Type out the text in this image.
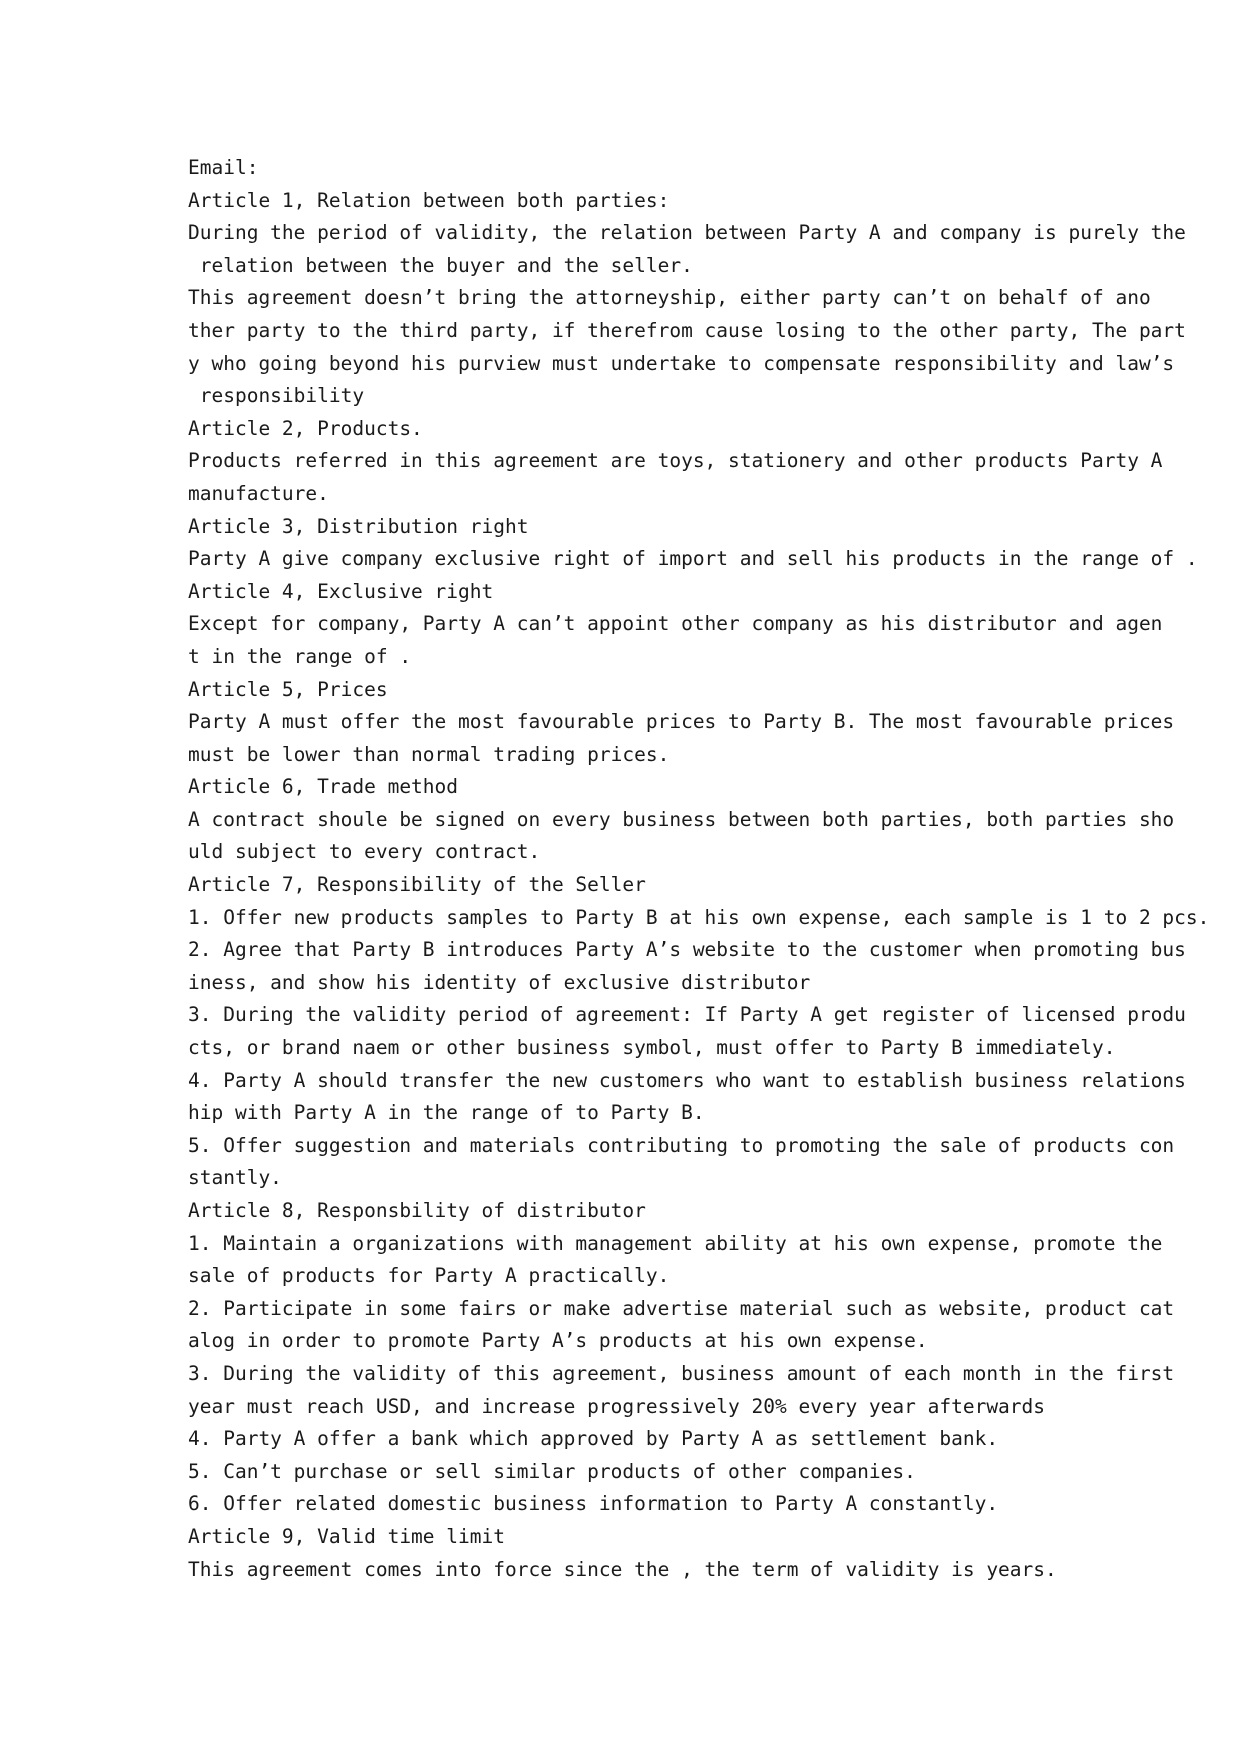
Email:
Article 1, Relation between both parties:
During the period of validity, the relation between Party A and company is purely the
relation between the buyer and the seller.
This agreement doesn’t bring the attorneyship, either party can’t on behalf of ano
ther party to the third party, if therefrom cause losing to the other party, The part
y who going beyond his purview must undertake to compensate responsibility and law’s
responsibility
Article 2, Products.
Products referred in this agreement are toys, stationery and other products Party A
manufacture.
Article 3, Distribution right
Party A give company exclusive right of import and sell his products in the range of .
Article 4, Exclusive right
Except for company, Party A can’t appoint other company as his distributor and agen
t in the range of .
Article 5, Prices
Party A must offer the most favourable prices to Party B. The most favourable prices
must be lower than normal trading prices.
Article 6, Trade method
A contract shoule be signed on every business between both parties, both parties sho
uld subject to every contract.
Article 7, Responsibility of the Seller
1. Offer new products samples to Party B at his own expense, each sample is 1 to 2 pcs.
2. Agree that Party B introduces Party A’s website to the customer when promoting bus
iness, and show his identity of exclusive distributor
3. During the validity period of agreement: If Party A get register of licensed produ
cts, or brand naem or other business symbol, must offer to Party B immediately.
4. Party A should transfer the new customers who want to establish business relations
hip with Party A in the range of to Party B.
5. Offer suggestion and materials contributing to promoting the sale of products con
stantly.
Article 8, Responsbility of distributor
1. Maintain a organizations with management ability at his own expense, promote the
sale of products for Party A practically.
2. Participate in some fairs or make advertise material such as website, product cat
alog in order to promote Party A’s products at his own expense.
3. During the validity of this agreement, business amount of each month in the first
year must reach USD, and increase progressively 20% every year afterwards
4. Party A offer a bank which approved by Party A as settlement bank.
5. Can’t purchase or sell similar products of other companies.
6. Offer related domestic business information to Party A constantly.
Article 9, Valid time limit
This agreement comes into force since the , the term of validity is years.
